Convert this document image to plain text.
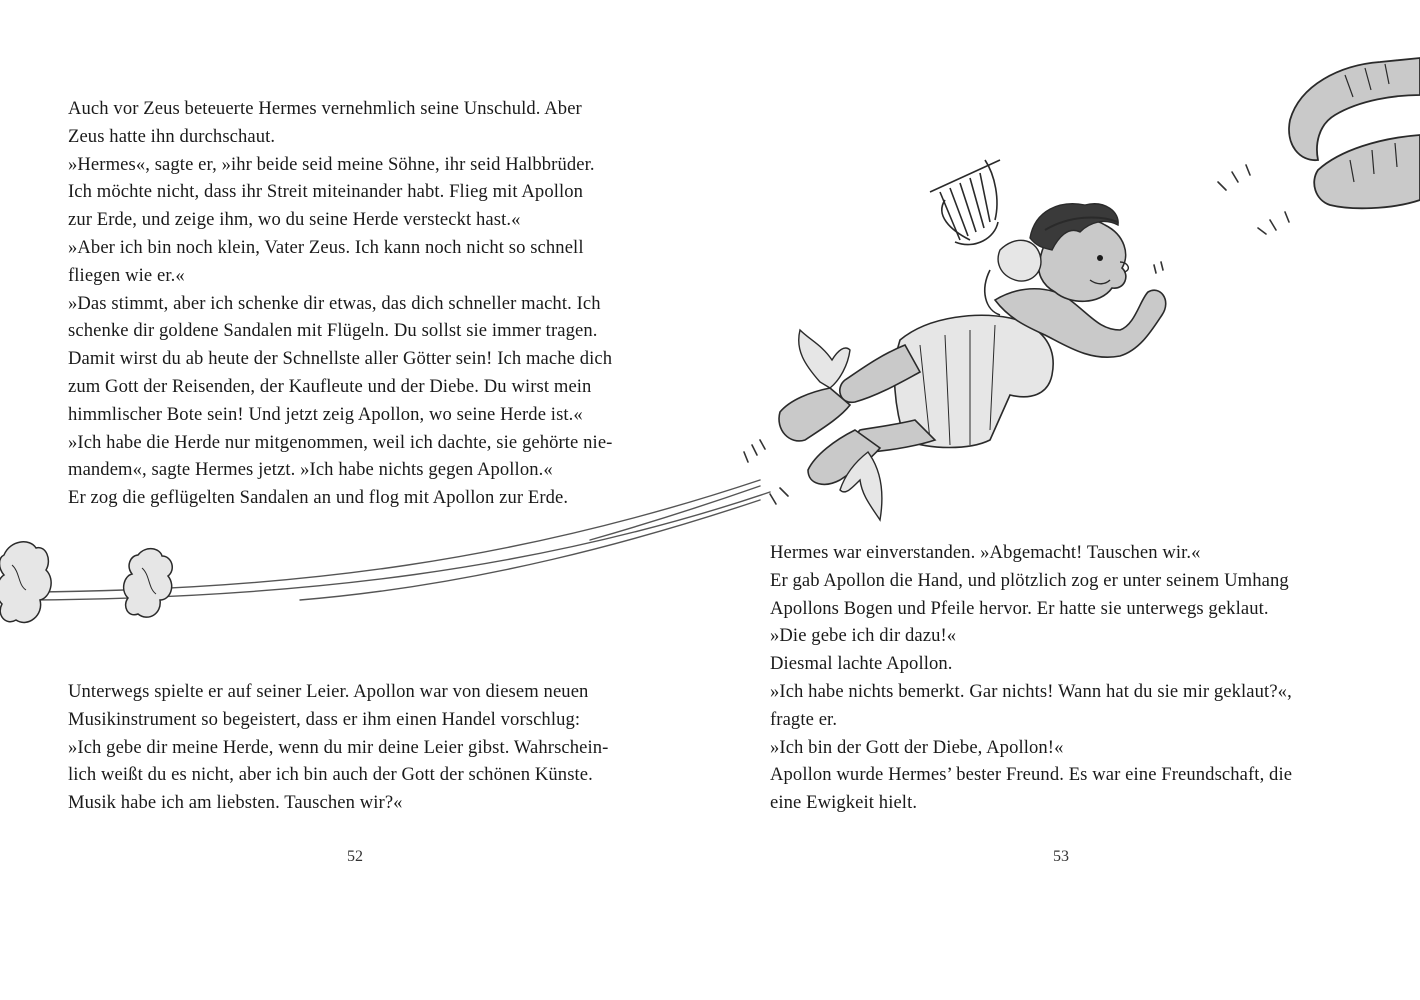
Auch vor Zeus beteuerte Hermes vernehmlich seine Unschuld. Aber
Zeus hatte ihn durchschaut.
»Hermes«, sagte er, »ihr beide seid meine Söhne, ihr seid Halbbrüder.
Ich möchte nicht, dass ihr Streit miteinander habt. Flieg mit Apollon
zur Erde, und zeige ihm, wo du seine Herde versteckt hast.«
»Aber ich bin noch klein, Vater Zeus. Ich kann noch nicht so schnell
fliegen wie er.«
»Das stimmt, aber ich schenke dir etwas, das dich schneller macht. Ich
schenke dir goldene Sandalen mit Flügeln. Du sollst sie immer tragen.
Damit wirst du ab heute der Schnellste aller Götter sein! Ich mache dich
zum Gott der Reisenden, der Kaufleute und der Diebe. Du wirst mein
himmlischer Bote sein! Und jetzt zeig Apollon, wo seine Herde ist.«
»Ich habe die Herde nur mitgenommen, weil ich dachte, sie gehörte nie-
mandem«, sagte Hermes jetzt. »Ich habe nichts gegen Apollon.«
Er zog die geflügelten Sandalen an und flog mit Apollon zur Erde.
Unterwegs spielte er auf seiner Leier. Apollon war von diesem neuen
Musikinstrument so begeistert, dass er ihm einen Handel vorschlug:
»Ich gebe dir meine Herde, wenn du mir deine Leier gibst. Wahrschein-
lich weißt du es nicht, aber ich bin auch der Gott der schönen Künste.
Musik habe ich am liebsten. Tauschen wir?«
Hermes war einverstanden. »Abgemacht! Tauschen wir.«
Er gab Apollon die Hand, und plötzlich zog er unter seinem Umhang
Apollons Bogen und Pfeile hervor. Er hatte sie unterwegs geklaut.
»Die gebe ich dir dazu!«
Diesmal lachte Apollon.
»Ich habe nichts bemerkt. Gar nichts! Wann hat du sie mir geklaut?«,
fragte er.
»Ich bin der Gott der Diebe, Apollon!«
Apollon wurde Hermes’ bester Freund. Es war eine Freundschaft, die
eine Ewigkeit hielt.
52	53
